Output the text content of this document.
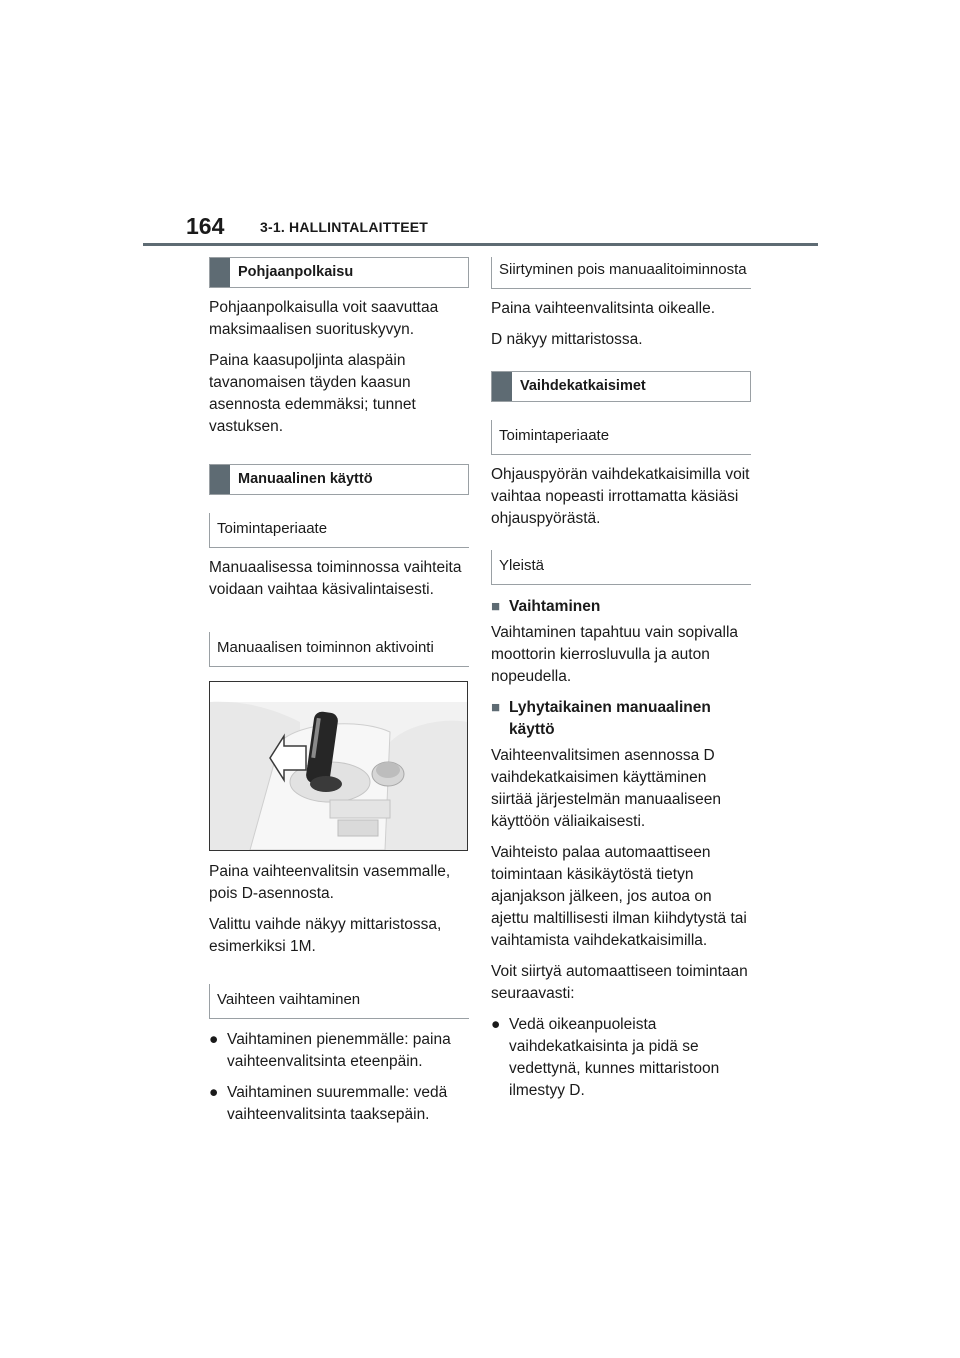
164	3-1. HALLINTALAITTEET
Pohjaanpolkaisu

Pohjaanpolkaisulla voit saavuttaa maksimaalisen suorituskyvyn.

Paina kaasupoljinta alaspäin tavanomaisen täyden kaasun asennosta edemmäksi; tunnet vastuksen.

Manuaalinen käyttö
Toimintaperiaate

Manuaalisessa toiminnossa vaihteita voidaan vaihtaa käsivalintaisesti.

Manuaalisen toiminnon aktivointi

Paina vaihteenvalitsin vasemmalle, pois D-asennosta.

Valittu vaihde näkyy mittaristossa, esimerkiksi 1M.

Vaihteen vaihtaminen
● Vaihtaminen pienemmälle: paina vaihteenvalitsinta eteenpäin.
● Vaihtaminen suuremmalle: vedä vaihteenvalitsinta taaksepäin.
Siirtyminen pois manuaalitoiminnosta

Paina vaihteenvalitsinta oikealle.

D näkyy mittaristossa.

Vaihdekatkaisimet
Toimintaperiaate

Ohjauspyörän vaihdekatkaisimilla voit vaihtaa nopeasti irrottamatta käsiäsi ohjauspyörästä.

Yleistä
■ Vaihtaminen

Vaihtaminen tapahtuu vain sopivalla moottorin kierrosluvulla ja auton nopeudella.

■ Lyhytaikainen manuaalinen käyttö

Vaihteenvalitsimen asennossa D vaihdekatkaisimen käyttäminen siirtää järjestelmän manuaaliseen käyttöön väliaikaisesti.

Vaihteisto palaa automaattiseen toimintaan käsikäytöstä tietyn ajanjakson jälkeen, jos autoa on ajettu maltillisesti ilman kiihdytystä tai vaihtamista vaihdekatkaisimilla.

Voit siirtyä automaattiseen toimintaan seuraavasti:

● Vedä oikeanpuoleista vaihdekatkaisinta ja pidä se vedettynä, kunnes mittaristoon ilmestyy D.
